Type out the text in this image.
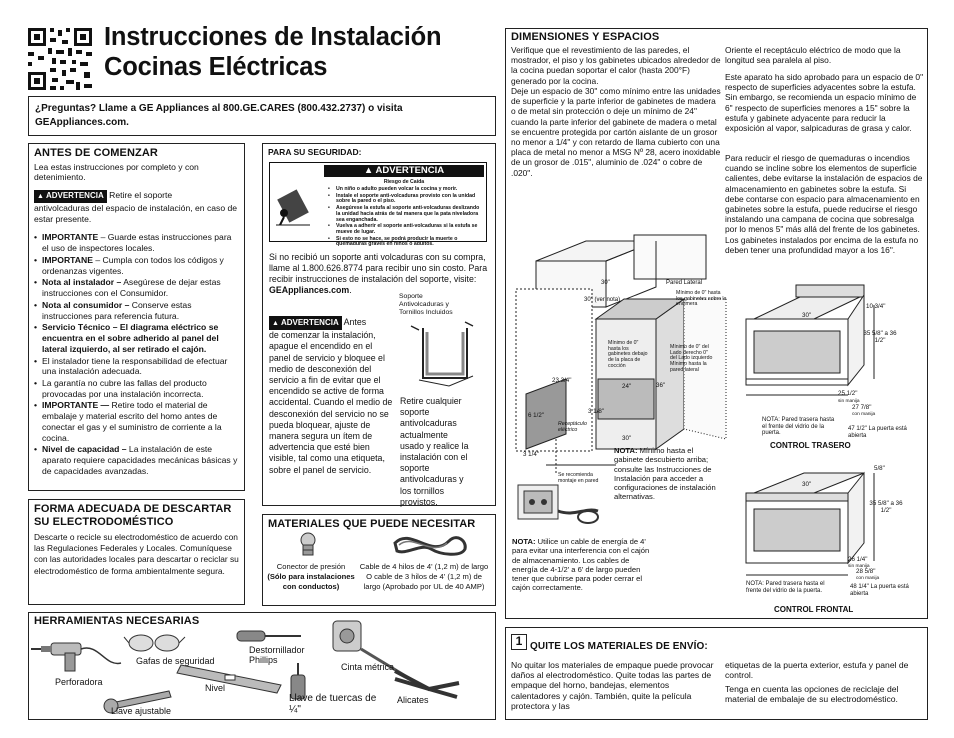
Instrucciones de Instalación
Cocinas Eléctricas
¿Preguntas? Llame a GE Appliances al 800.GE.CARES (800.432.2737) o visita GEAppliances.com.
ANTES DE COMENZAR
Lea estas instrucciones por completo y con detenimiento.
▲ ADVERTENCIA Retire el soporte
antivolcaduras del espacio de instalación, en caso de estar presente.
• IMPORTANTE – Guarde estas instrucciones para el uso de inspectores locales.
• IMPORTANE – Cumpla con todos los códigos y ordenanzas vigentes.
• Nota al instalador – Asegúrese de dejar estas instrucciones con el Consumidor.
• Nota al consumidor – Conserve estas instrucciones para referencia futura.
• Servicio Técnico – El diagrama eléctrico se encuentra en el sobre adherido al panel del lateral izquierdo, al ser retirado el cajón.
• El instalador tiene la responsabilidad de efectuar una instalación adecuada.
• La garantía no cubre las fallas del producto provocadas por una instalación incorrecta.
• IMPORTANTE — Retire todo el material de embalaje y material escrito del homo antes de conectar el gas y el suministro de corriente a la cocina.
• Nivel de capacidad – La instalación de este aparato requiere capacidades mecánicas básicas y de capacidades avanzadas.
PARA SU SEGURIDAD:
▲ ADVERTENCIA
Riesgo de Caída
• Un niño o adulto pueden volcar la cocina y morir.
• Instale el soporte anti-volcaduras provisto con la unidad sobre la pared o el piso.
• Asegúrese la estufa al soporte anti-volcaduras deslizando la unidad hacia atrás de tal manera que la pata niveladora sea enganchada.
• Vuelva a adherir el soporte anti-volcaduras si la estufa se mueve de lugar.
• Si esto no se hace, se podrá producir la muerte o quemaduras graves en niños o adultos.
Si no recibió un soporte anti volcaduras con su compra, llame al 1.800.626.8774 para recibir uno sin costo. Para recibir instrucciones de instalación del soporte, visite: GEAppliances.com.
Soporte Antivolcaduras y Tornillos Incluidos
▲ ADVERTENCIA Antes
de comenzar la instalación, apague el encendido en el panel de servicio y bloquee el medio de desconexión del servicio a fin de evitar que el encendido se active de forma accidental. Cuando el medio de desconexión del servicio no se pueda bloquear, ajuste de manera segura un ítem de advertencia que esté bien visible, tal como una etiqueta, sobre el panel de servicio.
Retire cualquier soporte antivolcaduras actualmente usado y realice la instalación con el soporte antivolcaduras y los tornillos provistos.
FORMA ADECUADA DE DESCARTAR
SU ELECTRODOMÉSTICO
Descarte o recicle su electrodoméstico de acuerdo con las Regulaciones Federales y Locales. Comuníquese con las autoridades locales para descartar o reciclar su electrodoméstico de forma ambientalmente segura.
MATERIALES QUE PUEDE NECESITAR
Conector de presión
(Sólo para instalaciones con conductos)
Cable de 4 hilos de 4' (1,2 m) de largo O cable de 3 hilos de 4' (1,2 m) de largo (Aprobado por UL de 40 AMP)
HERRAMIENTAS NECESARIAS
Gafas de seguridad
Destornillador Phillips
Cinta métrica
Perforadora
Nivel
Llave ajustable
Llave de tuercas de ¼"
Alicates
DIMENSIONES Y ESPACIOS
Verifique que el revestimiento de las paredes, el mostrador, el piso y los gabinetes ubicados alrededor de la cocina puedan soportar el calor (hasta 200°F) generado por la cocina.
Deje un espacio de 30" como mínimo entre las unidades de superficie y la parte inferior de gabinetes de madera o de metal sin protección o deje un mínimo de 24" cuando la parte inferior del gabinete de madera o metal se encuentre protegida por cartón aislante de un grosor no menor a 1/4" y con retardo de llama cubierto con una placa de metal no menor a MSG Nº 28, acero inoxidable de un grosor de .015", aluminio de .024" o cobre de .020".
Oriente el receptáculo eléctrico de modo que la longitud sea paralela al piso.
Este aparato ha sido aprobado para un espacio de 0" respecto de superficies adyacentes sobre la estufa. Sin embargo, se recomienda un espacio mínimo de 6" respecto de superficies menores a 15" sobre la estufa y gabinete adyacente para reducir la exposición al vapor, salpicaduras de grasa y calor.
Para reducir el riesgo de quemaduras o incendios cuando se incline sobre los elementos de superficie calientes, debe evitarse la instalación de espacios de almacenamiento en gabinetes sobre la estufa. Si debe contarse con espacio para almacenamiento en gabinetes sobre la estufa, puede reducirse el riesgo instalando una campana de cocina que sobresalga por lo menos 5" más allá del frente de los gabinetes. Los gabinetes instalados por encima de la estufa no deben tener una profundidad mayor a los 16".
30"
30" (ver nota)
Pared Lateral
Mínimo de 0" hasta los gabinetes sobre la encimera
Mínimo de 0" hasta los gabinetes debajo de la placa de cocción
Mínimo de 0" del Lado derecho 0" del Lado izquierdo Mínimo hasta la pared lateral
23 3/4"
24"	36"
6 1/2"
3 1/8"
Receptáculo eléctrico
30"
3 1/4"	NOTA: Mínimo hasta el gabinete descubierto arriba; consulte las Instrucciones de Instalación para acceder a configuraciones de instalación alternativas.
Se recomienda montaje en pared
NOTA: Utilice un cable de energía de 4' para evitar una interferencia con el cajón de almacenamiento. Los cables de energía de 4-1/2' a 6' de largo pueden tener que cubrirse para poder cerrar el cajón correctamente.
30"
10 3/4"
35 5/8" a 36 1/2"
25 1/2"
sin manija
27 7/8"
con manija
NOTA: Pared trasera hasta el frente del vidrio de la puerta.
47 1/2" La puerta está abierta
CONTROL TRASERO
5/8"
30"
35 5/8" a 36 1/2"
26 1/4"
sin manija
28 5/8"
con manija
NOTA: Pared trasera hasta el frente del vidrio de la puerta.
48 1/4" La puerta está abierta
CONTROL FRONTAL
1 QUITE LOS MATERIALES DE ENVÍO:
No quitar los materiales de empaque puede provocar daños al electrodoméstico. Quite todas las partes de empaque del horno, bandejas, elementos calentadores y cajón. También, quite la película protectora y las
etiquetas de la puerta exterior, estufa y panel de control.
Tenga en cuenta las opciones de reciclaje del material de embalaje de su electrodoméstico.
